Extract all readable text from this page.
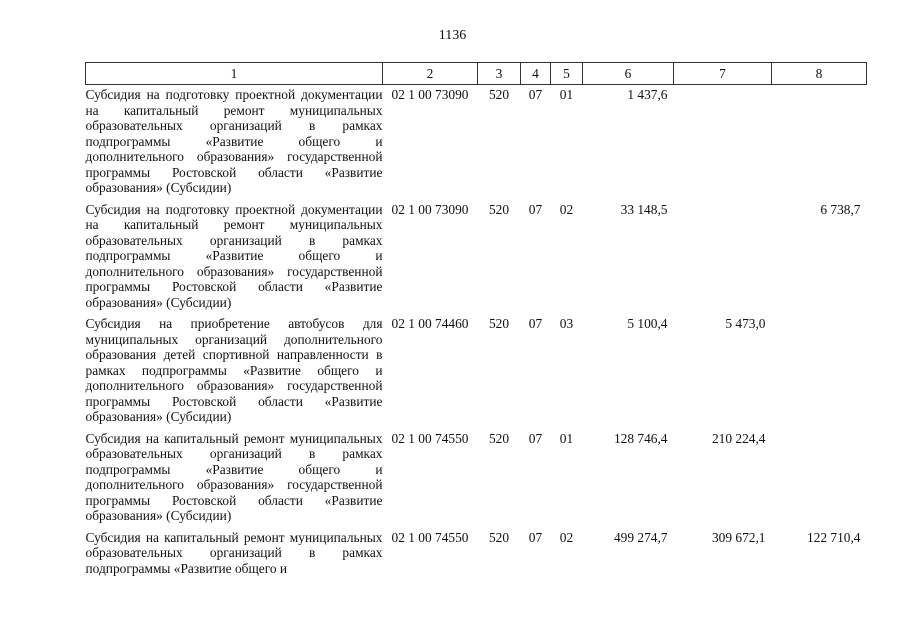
1136
1	2	3	4	5	6	7	8
Субсидия на подготовку проектной документации на капитальный ремонт муниципальных образовательных организаций в рамках подпрограммы «Развитие общего и дополнительного образования» государственной программы Ростовской области «Развитие образования» (Субсидии)	02 1 00 73090	520	07	01	1 437,6		
Субсидия на подготовку проектной документации на капитальный ремонт муниципальных образовательных организаций в рамках подпрограммы «Развитие общего и дополнительного образования» государственной программы Ростовской области «Развитие образования» (Субсидии)	02 1 00 73090	520	07	02	33 148,5		6 738,7
Субсидия на приобретение автобусов для муниципальных организаций дополнительного образования детей спортивной направленности в рамках подпрограммы «Развитие общего и дополнительного образования» государственной программы Ростовской области «Развитие образования» (Субсидии)	02 1 00 74460	520	07	03	5 100,4	5 473,0	
Субсидия на капитальный ремонт муниципальных образовательных организаций в рамках подпрограммы «Развитие общего и дополнительного образования» государственной программы Ростовской области «Развитие образования» (Субсидии)	02 1 00 74550	520	07	01	128 746,4	210 224,4	
Субсидия на капитальный ремонт муниципальных образовательных организаций в рамках подпрограммы «Развитие общего и	02 1 00 74550	520	07	02	499 274,7	309 672,1	122 710,4
